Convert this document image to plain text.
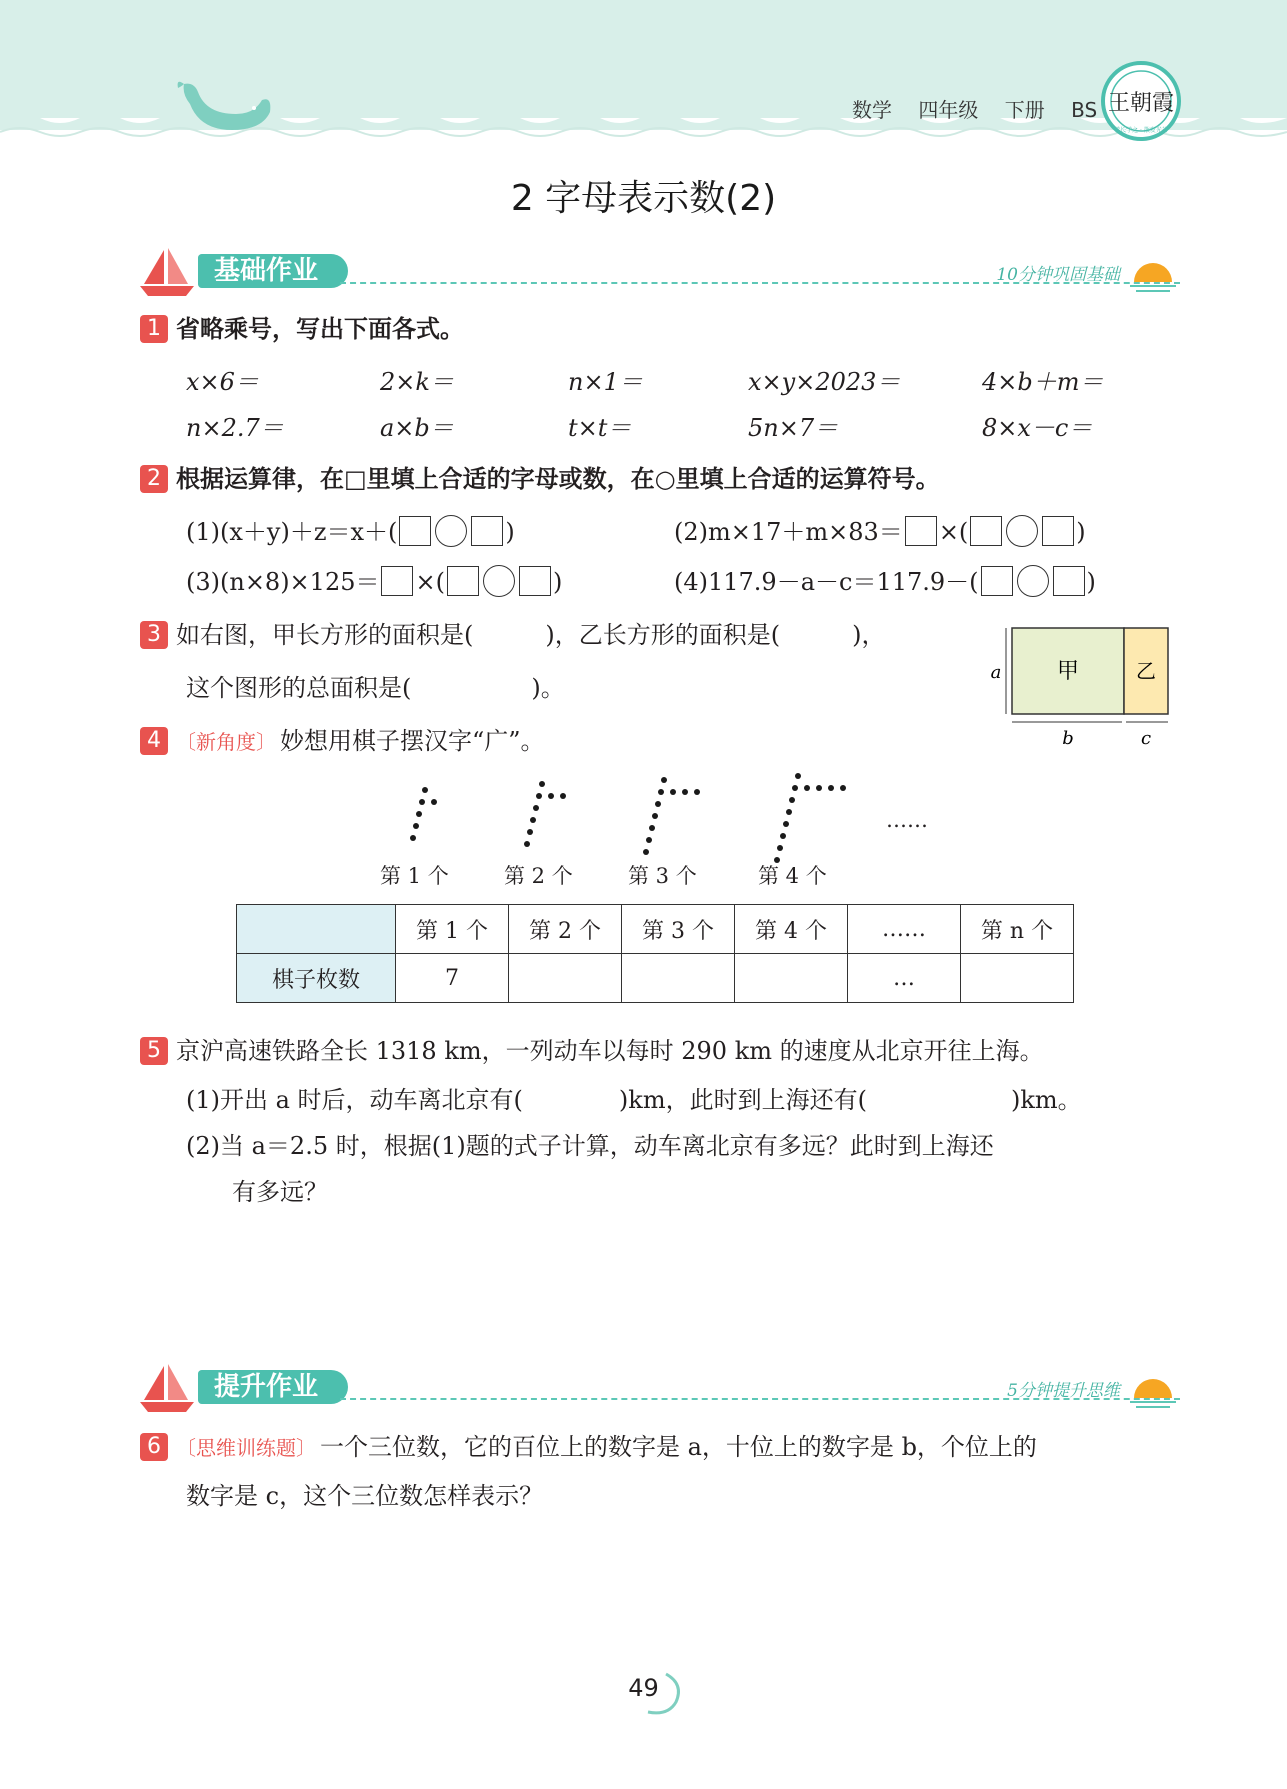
数学 四年级 下册 BS 王朝霞
学长学之 · 散发光芒
2 字母表示数(2)
基础作业	10分钟巩固基础
1 省略乘号，写出下面各式。
x×6＝	2×k＝	n×1＝	x×y×2023＝	4×b＋m＝
n×2.7＝	a×b＝	t×t＝	5n×7＝	8×x－c＝
2 根据运算律，在□里填上合适的字母或数，在○里填上合适的运算符号。
(1)(x＋y)＋z＝x＋(	)	(2)m×17＋m×83＝ ×(	)
(3)(n×8)×125＝ ×(	)	(4)117.9－a－c＝117.9－(	)
3 如右图，甲长方形的面积是(　　　)，乙长方形的面积是(　　　)，
这个图形的总面积是(　　　　　)。
甲	乙
a
b	c
4 〔新角度〕 妙想用棋子摆汉字“广”。
……
第 1 个	第 2 个	第 3 个	第 4 个
	第 1 个	第 2 个	第 3 个	第 4 个	……	第 n 个
棋子枚数	7				…	
5 京沪高速铁路全长 1318 km，一列动车以每时 290 km 的速度从北京开往上海。
(1)开出 a 时后，动车离北京有(　　　　)km，此时到上海还有(　　　　　　)km。
(2)当 a＝2.5 时，根据(1)题的式子计算，动车离北京有多远？此时到上海还
有多远？
提升作业	5分钟提升思维
6 〔思维训练题〕 一个三位数，它的百位上的数字是 a，十位上的数字是 b，个位上的
数字是 c，这个三位数怎样表示？
49
